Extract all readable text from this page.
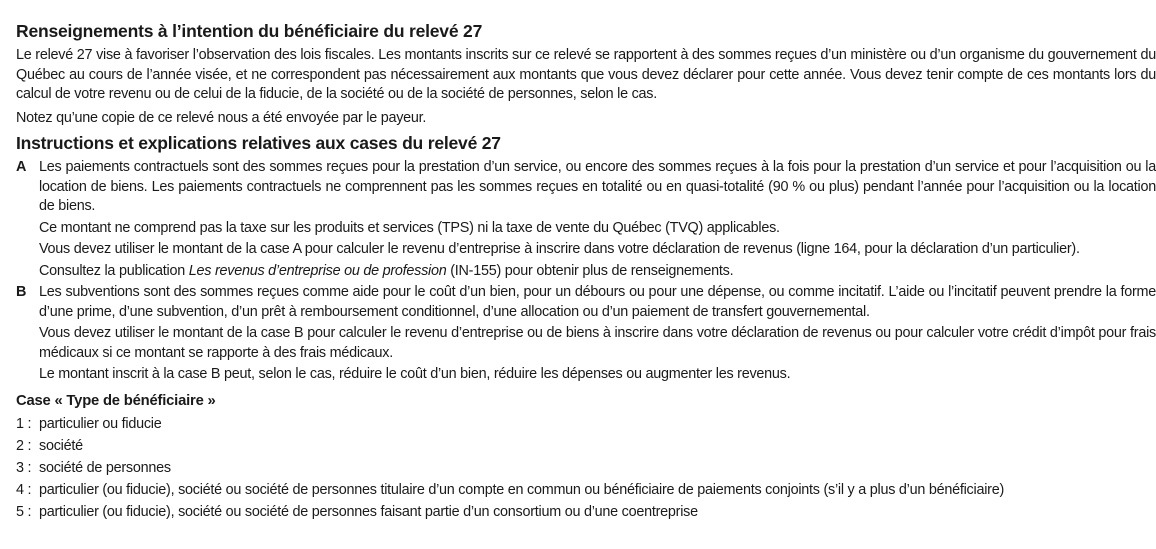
Renseignements à l’intention du bénéficiaire du relevé 27

Le relevé 27 vise à favoriser l’observation des lois fiscales. Les montants inscrits sur ce relevé se rapportent à des sommes reçues d’un ministère ou d’un organisme du gouvernement du Québec au cours de l’année visée, et ne correspondent pas nécessairement aux montants que vous devez déclarer pour cette année. Vous devez tenir compte de ces montants lors du calcul de votre revenu ou de celui de la fiducie, de la société ou de la société de personnes, selon le cas.

Notez qu’une copie de ce relevé nous a été envoyée par le payeur.

Instructions et explications relatives aux cases du relevé 27
A Les paiements contractuels sont des sommes reçues pour la prestation d’un service, ou encore des sommes reçues à la fois pour la prestation d’un service et pour l’acquisition ou la location de biens. Les paiements contractuels ne comprennent pas les sommes reçues en totalité ou en quasi-totalité (90 % ou plus) pendant l’année pour l’acquisition ou la location de biens.

Ce montant ne comprend pas la taxe sur les produits et services (TPS) ni la taxe de vente du Québec (TVQ) applicables.

Vous devez utiliser le montant de la case A pour calculer le revenu d’entreprise à inscrire dans votre déclaration de revenus (ligne 164, pour la déclaration d’un particulier).

Consultez la publication Les revenus d’entreprise ou de profession (IN-155) pour obtenir plus de renseignements.

B Les subventions sont des sommes reçues comme aide pour le coût d’un bien, pour un débours ou pour une dépense, ou comme incitatif. L’aide ou l’incitatif peuvent prendre la forme d’une prime, d’une subvention, d’un prêt à remboursement conditionnel, d’une allocation ou d’un paiement de transfert gouvernemental.

Vous devez utiliser le montant de la case B pour calculer le revenu d’entreprise ou de biens à inscrire dans votre déclaration de revenus ou pour calculer votre crédit d’impôt pour frais médicaux si ce montant se rapporte à des frais médicaux.

Le montant inscrit à la case B peut, selon le cas, réduire le coût d’un bien, réduire les dépenses ou augmenter les revenus.

Case « Type de bénéficiaire »
1 : particulier ou fiducie
2 : société
3 : société de personnes
4 : particulier (ou fiducie), société ou société de personnes titulaire d’un compte en commun ou bénéficiaire de paiements conjoints (s’il y a plus d’un bénéficiaire)
5 : particulier (ou fiducie), société ou société de personnes faisant partie d’un consortium ou d’une coentreprise
